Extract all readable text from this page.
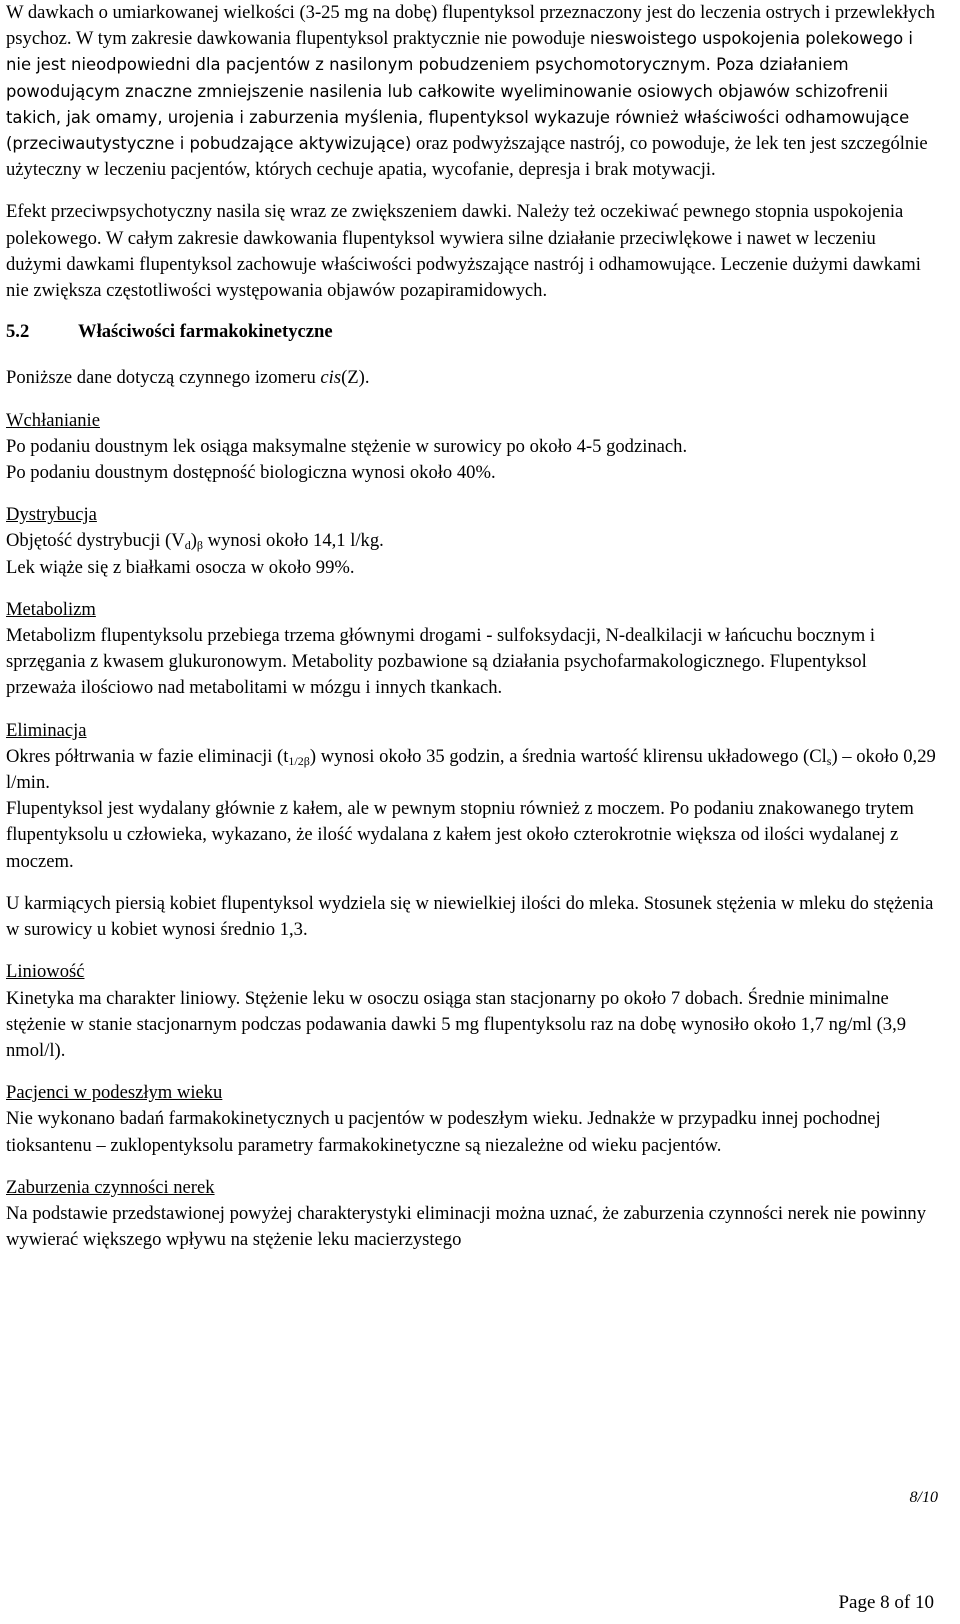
W dawkach o umiarkowanej wielkości (3-25 mg na dobę) flupentyksol przeznaczony jest do leczenia ostrych i przewlekłych psychoz. W tym zakresie dawkowania flupentyksol praktycznie nie powoduje nieswoistego uspokojenia polekowego i nie jest nieodpowiedni dla pacjentów z nasilonym pobudzeniem psychomotorycznym. Poza działaniem powodującym znaczne zmniejszenie nasilenia lub całkowite wyeliminowanie osiowych objawów schizofrenii takich, jak omamy, urojenia i zaburzenia myślenia, flupentyksol wykazuje również właściwości odhamowujące (przeciwautystyczne i pobudzające aktywizujące) oraz podwyższające nastrój, co powoduje, że lek ten jest szczególnie użyteczny w leczeniu pacjentów, których cechuje apatia, wycofanie, depresja i brak motywacji.

Efekt przeciwpsychotyczny nasila się wraz ze zwiększeniem dawki. Należy też oczekiwać pewnego stopnia uspokojenia polekowego. W całym zakresie dawkowania flupentyksol wywiera silne działanie przeciwlękowe i nawet w leczeniu dużymi dawkami flupentyksol zachowuje właściwości podwyższające nastrój i odhamowujące. Leczenie dużymi dawkami nie zwiększa częstotliwości występowania objawów pozapiramidowych.

5.2	Właściwości farmakokinetyczne

Poniższe dane dotyczą czynnego izomeru cis(Z).

Wchłanianie

Po podaniu doustnym lek osiąga maksymalne stężenie w surowicy po około 4-5 godzinach.

Po podaniu doustnym dostępność biologiczna wynosi około 40%.

Dystrybucja

Objętość dystrybucji $(V_d)_\beta$ wynosi około 14,1 l/kg.

Lek wiąże się z białkami osocza w około 99%.

Metabolizm

Metabolizm flupentyksolu przebiega trzema głównymi drogami - sulfoksydacji, N-dealkilacji w łańcuchu bocznym i sprzęgania z kwasem glukuronowym. Metabolity pozbawione są działania psychofarmakologicznego. Flupentyksol przeważa ilościowo nad metabolitami w mózgu i innych tkankach.

Eliminacja

Okres półtrwania w fazie eliminacji $(t_{1/2\beta})$ wynosi około 35 godzin, a średnia wartość klirensu układowego $(Cl_s)$ – około 0,29 l/min.

Flupentyksol jest wydalany głównie z kałem, ale w pewnym stopniu również z moczem. Po podaniu znakowanego trytem flupentyksolu u człowieka, wykazano, że ilość wydalana z kałem jest około czterokrotnie większa od ilości wydalanej z moczem.

U karmiących piersią kobiet flupentyksol wydziela się w niewielkiej ilości do mleka. Stosunek stężenia w mleku do stężenia w surowicy u kobiet wynosi średnio 1,3.

Liniowość

Kinetyka ma charakter liniowy. Stężenie leku w osoczu osiąga stan stacjonarny po około 7 dobach. Średnie minimalne stężenie w stanie stacjonarnym podczas podawania dawki 5 mg flupentyksolu raz na dobę wynosiło około 1,7 ng/ml (3,9 nmol/l).

Pacjenci w podeszłym wieku

Nie wykonano badań farmakokinetycznych u pacjentów w podeszłym wieku. Jednakże w przypadku innej pochodnej tioksantenu – zuklopentyksolu parametry farmakokinetyczne są niezależne od wieku pacjentów.

Zaburzenia czynności nerek

Na podstawie przedstawionej powyżej charakterystyki eliminacji można uznać, że zaburzenia czynności nerek nie powinny wywierać większego wpływu na stężenie leku macierzystego

8/10
Page 8 of 10
